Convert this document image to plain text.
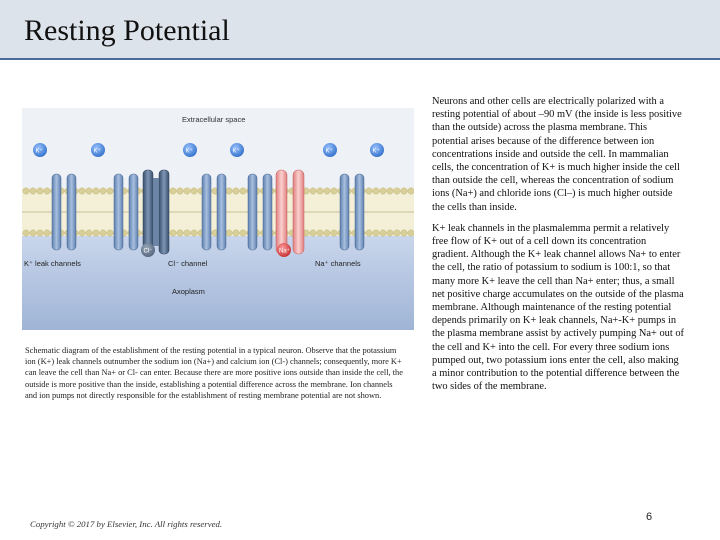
Resting Potential
Extracellular space
K⁺	K⁺	K⁺	K⁺	K⁺	K⁺
Cl⁻	Na⁺
K⁺ leak channels	Cl⁻ channel	Na⁺ channels
Axoplasm
Schematic diagram of the establishment of the resting potential in a typical neuron. Observe that the potassium ion (K+) leak channels outnumber the sodium ion (Na+) and calcium ion (Cl-) channels; consequently, more K+ can leave the cell than Na+ or Cl- can enter. Because there are more positive ions outside than inside the cell, the outside is more positive than the inside, establishing a potential difference across the membrane. Ion channels and ion pumps not directly responsible for the establishment of resting membrane potential are not shown.

Neurons and other cells are electrically polarized with a resting potential of about –90 mV (the inside is less positive than the outside) across the plasma membrane. This potential arises because of the difference between ion concentrations inside and outside the cell. In mammalian cells, the concentration of K+ is much higher inside the cell than outside the cell, whereas the concentration of sodium ions (Na+) and chloride ions (Cl–) is much higher outside the cells than inside.

K+ leak channels in the plasmalemma permit a relatively free flow of K+ out of a cell down its concentration gradient. Although the K+ leak channel allows Na+ to enter the cell, the ratio of potassium to sodium is 100:1, so that many more K+ leave the cell than Na+ enter; thus, a small net positive charge accumulates on the outside of the plasma membrane. Although maintenance of the resting potential depends primarily on K+ leak channels, Na+-K+ pumps in the plasma membrane assist by actively pumping Na+ out of the cell and K+ into the cell. For every three sodium ions pumped out, two potassium ions enter the cell, also making a minor contribution to the potential difference between the two sides of the membrane.

Copyright © 2017 by Elsevier, Inc. All rights reserved.
6
